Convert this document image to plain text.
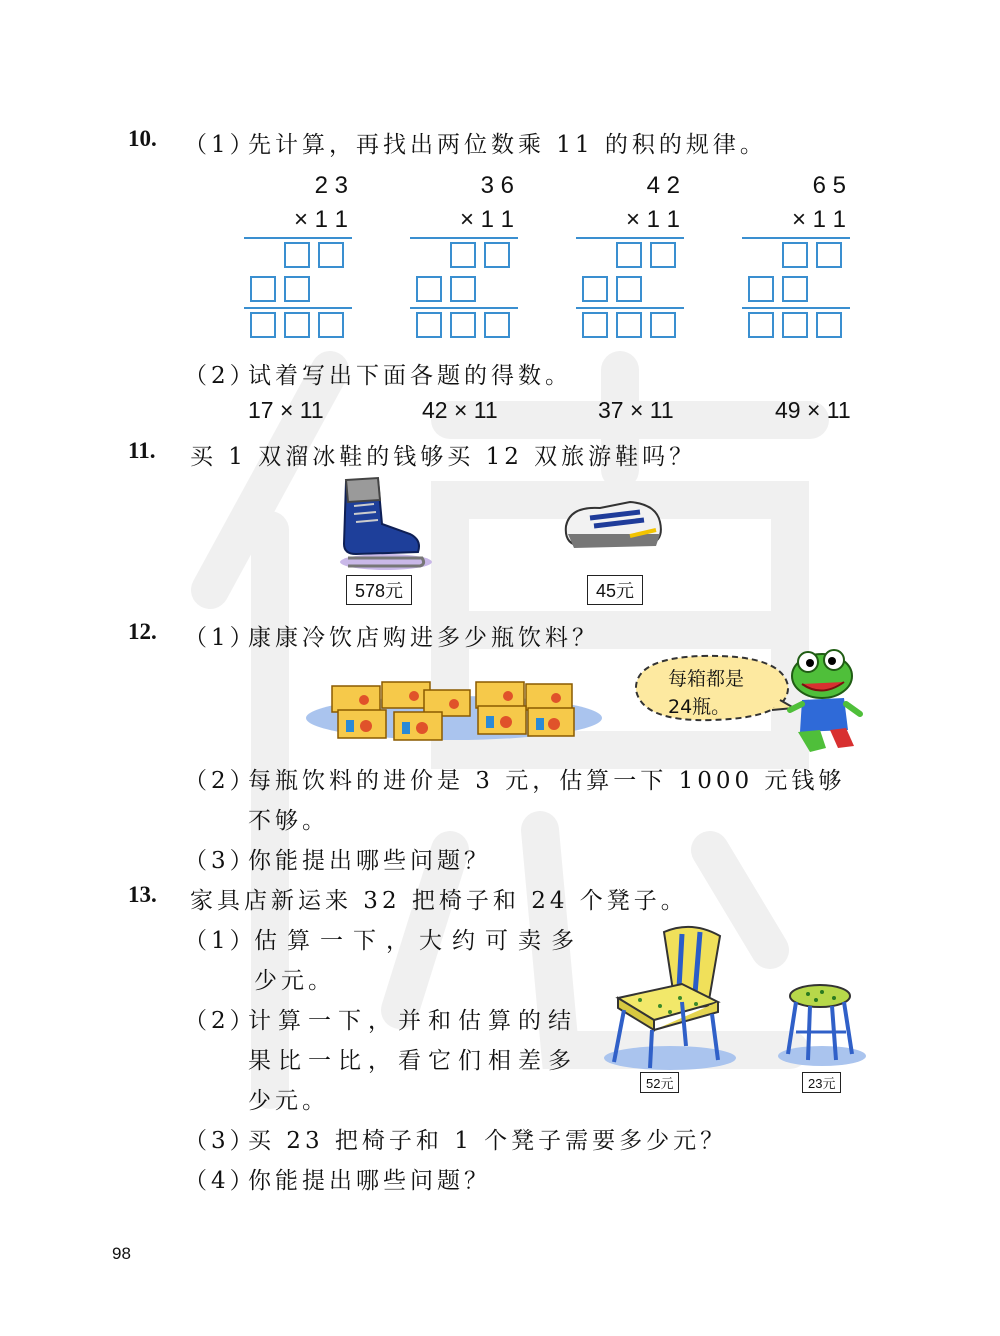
10. （1）
先计算，再找出两位数乘 11 的积的规律。
2 3
× 1 1
3 6
× 1 1
4 2
× 1 1
6 5
× 1 1
（2）
试着写出下面各题的得数。
17 × 11	42 × 11	37 × 11	49 × 11
11. 买 1 双溜冰鞋的钱够买 12 双旅游鞋吗？
578元	45元
12. （1）
康康冷饮店购进多少瓶饮料？
每箱都是
24瓶。
（2）
每瓶饮料的进价是 3 元，估算一下 1000 元钱够
不够。
（3）
你能提出哪些问题？
13. 家具店新运来 32 把椅子和 24 个凳子。
（1）
估算一下，大约可卖多
少元。
（2）
计算一下，并和估算的结
果比一比，看它们相差多
少元。
52元	23元
（3）
买 23 把椅子和 1 个凳子需要多少元？
（4）
你能提出哪些问题？
98
